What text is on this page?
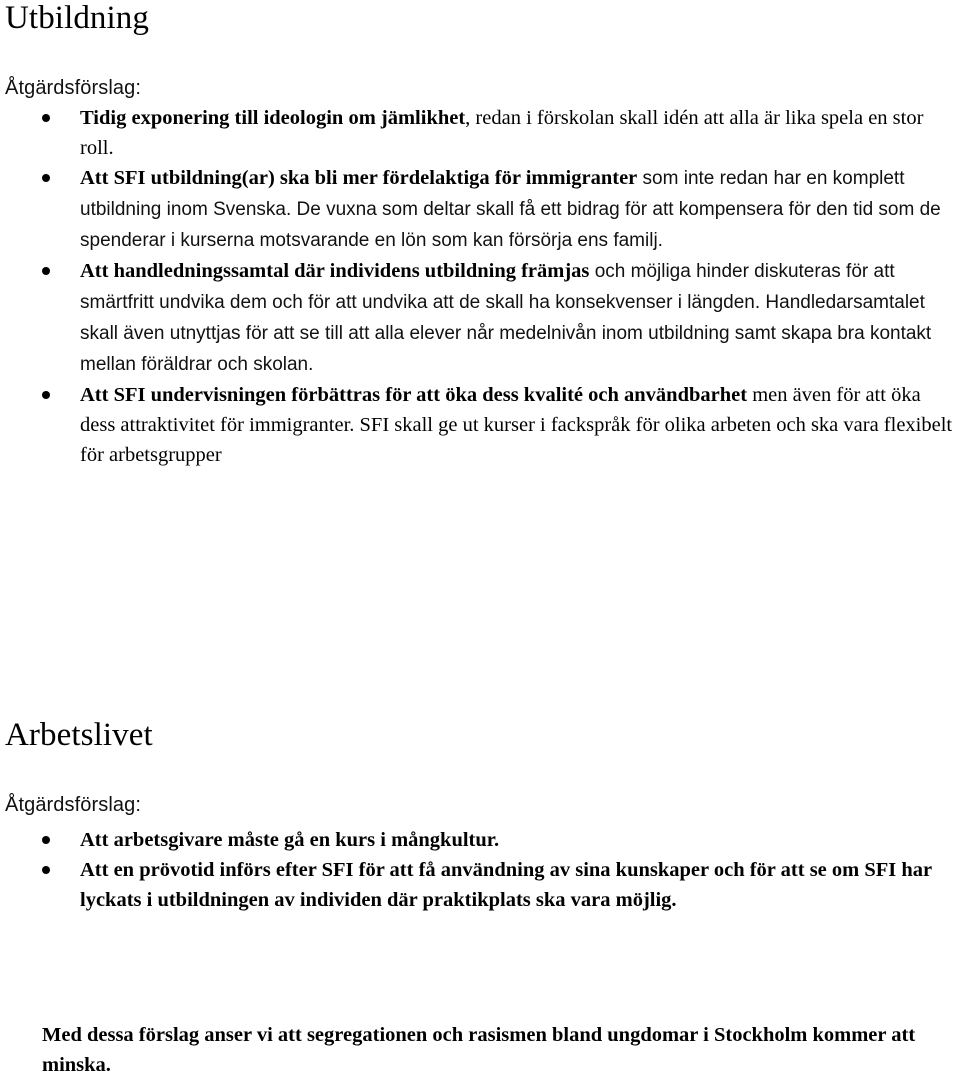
Utbildning
Åtgärdsförslag:
Tidig exponering till ideologin om jämlikhet, redan i förskolan skall idén att alla är lika spela en stor roll.
Att SFI utbildning(ar) ska bli mer fördelaktiga för immigranter som inte redan har en komplett utbildning inom Svenska. De vuxna som deltar skall få ett bidrag för att kompensera för den tid som de spenderar i kurserna motsvarande en lön som kan försörja ens familj.
Att handledningssamtal där individens utbildning främjas och möjliga hinder diskuteras för att smärtfritt undvika dem och för att undvika att de skall ha konsekvenser i längden. Handledarsamtalet skall även utnyttjas för att se till att alla elever når medelnivån inom utbildning samt skapa bra kontakt mellan föräldrar och skolan.
Att SFI undervisningen förbättras för att öka dess kvalité och användbarhet men även för att öka dess attraktivitet för immigranter. SFI skall ge ut kurser i fackspråk för olika arbeten och ska vara flexibelt för arbetsgrupper
Arbetslivet
Åtgärdsförslag:
Att arbetsgivare måste gå en kurs i mångkultur.
Att en prövotid införs efter SFI för att få användning av sina kunskaper och för att se om SFI har lyckats i utbildningen av individen där praktikplats ska vara möjlig.
Med dessa förslag anser vi att segregationen och rasismen bland ungdomar i Stockholm kommer att minska.
